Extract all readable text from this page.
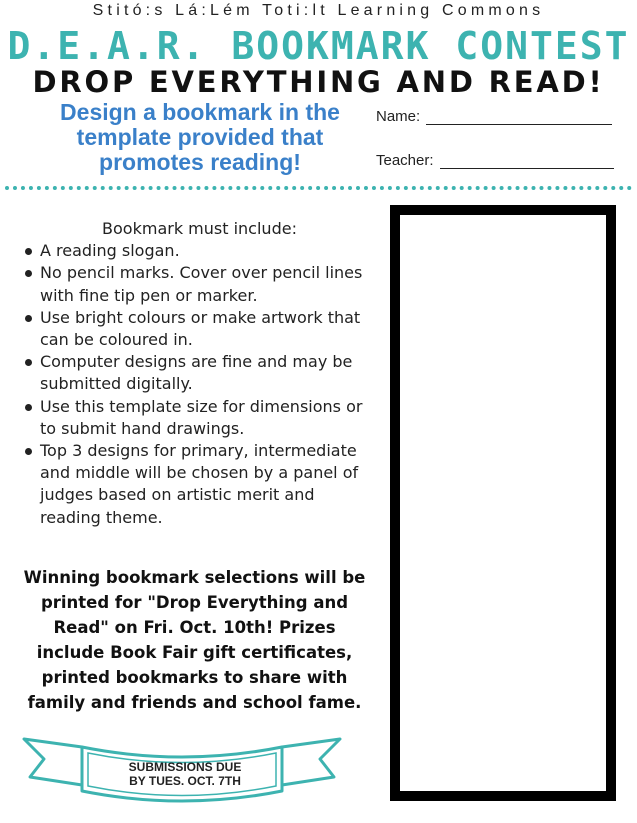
Stitó:s Lá:Lém Toti:lt Learning Commons
D.E.A.R. BOOKMARK CONTEST
DROP EVERYTHING AND READ!
Design a bookmark in the template provided that promotes reading!
Name:
Teacher:
Bookmark must include:
A reading slogan.
No pencil marks. Cover over pencil lines with fine tip pen or marker.
Use bright colours or make artwork that can be coloured in.
Computer designs are fine and may be submitted digitally.
Use this template size for dimensions or to submit hand drawings.
Top 3 designs for primary, intermediate and middle will be chosen by a panel of judges based on artistic merit and reading theme.
Winning bookmark selections will be printed for "Drop Everything and Read" on Fri. Oct. 10th! Prizes include Book Fair gift certificates, printed bookmarks to share with family and friends and school fame.
SUBMISSIONS DUE
BY TUES. OCT. 7TH
